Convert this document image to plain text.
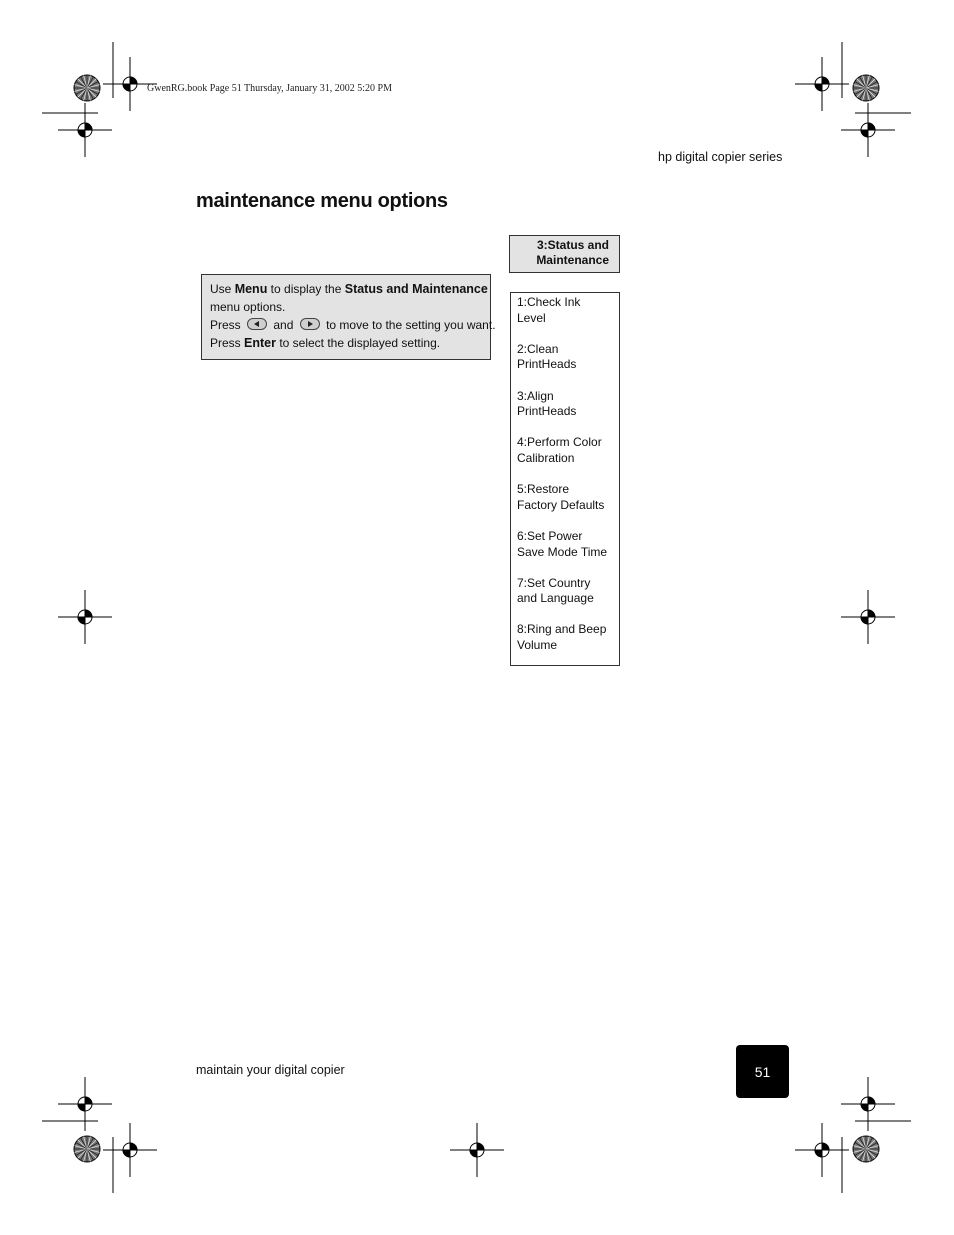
GwenRG.book Page 51 Thursday, January 31, 2002 5:20 PM
hp digital copier series
maintenance menu options
Use Menu to display the Status and Maintenance
menu options.
Press	and	to move to the setting you want.
Press Enter to select the displayed setting.
3:Status and Maintenance
1:Check Ink
Level
2:Clean
PrintHeads
3:Align
PrintHeads
4:Perform Color
Calibration
5:Restore
Factory Defaults
6:Set Power
Save Mode Time
7:Set Country
and Language
8:Ring and Beep
Volume
maintain your digital copier	51
